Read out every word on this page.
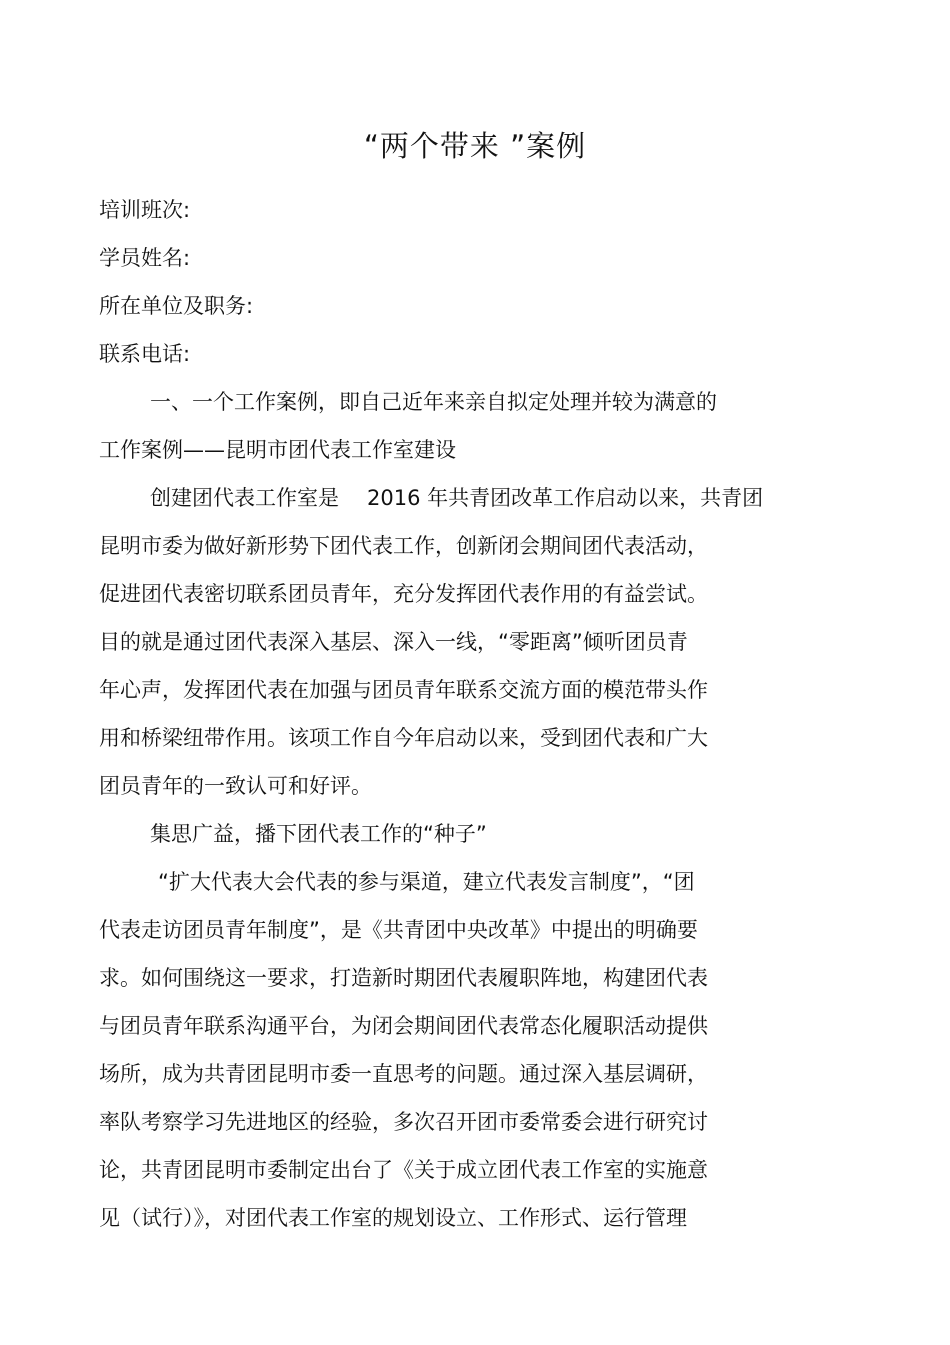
“两个带来 ”案例
培训班次:
学员姓名:
所在单位及职务:
联系电话:
一、一个工作案例，即自己近年来亲自拟定处理并较为满意的
工作案例——昆明市团代表工作室建设
创建团代表工作室是 2016 年共青团改革工作启动以来，共青团
昆明市委为做好新形势下团代表工作，创新闭会期间团代表活动，
促进团代表密切联系团员青年，充分发挥团代表作用的有益尝试。
目的就是通过团代表深入基层、深入一线，“零距离”倾听团员青
年心声，发挥团代表在加强与团员青年联系交流方面的模范带头作
用和桥梁纽带作用。该项工作自今年启动以来，受到团代表和广大
团员青年的一致认可和好评。
集思广益，播下团代表工作的“种子”
“扩大代表大会代表的参与渠道，建立代表发言制度”，“团
代表走访团员青年制度”，是《共青团中央改革》中提出的明确要
求。如何围绕这一要求，打造新时期团代表履职阵地，构建团代表
与团员青年联系沟通平台，为闭会期间团代表常态化履职活动提供
场所，成为共青团昆明市委一直思考的问题。通过深入基层调研，
率队考察学习先进地区的经验，多次召开团市委常委会进行研究讨
论，共青团昆明市委制定出台了《关于成立团代表工作室的实施意
见（试行）》，对团代表工作室的规划设立、工作形式、运行管理
